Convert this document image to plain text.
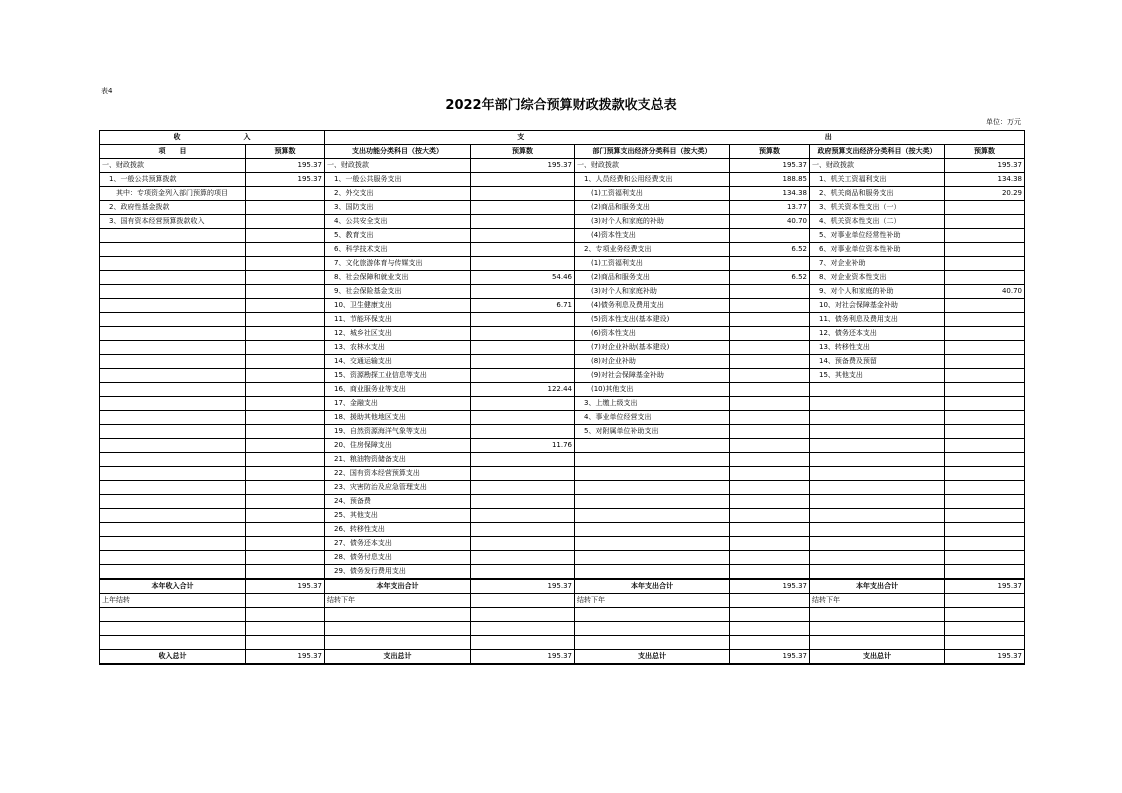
表4
2022年部门综合预算财政拨款收支总表
单位：万元
收 入		支 出					

项　　目	预算数	支出功能分类科目（按大类）	预算数	部门预算支出经济分类科目（按大类）	预算数	政府预算支出经济分类科目（按大类）	预算数
一、财政拨款	195.37	一、财政拨款	195.37	一、财政拨款	195.37	一、财政拨款	195.37
　1、一般公共预算拨款	195.37	　1、一般公共服务支出		　1、人员经费和公用经费支出	188.85	　1、机关工资福利支出	134.38
　　其中：专项资金列入部门预算的项目		　2、外交支出		　　(1)工资福利支出	134.38	　2、机关商品和服务支出	20.29
　2、政府性基金拨款		　3、国防支出		　　(2)商品和服务支出	13.77	　3、机关资本性支出（一）	
　3、国有资本经营预算拨款收入		　4、公共安全支出		　　(3)对个人和家庭的补助	40.70	　4、机关资本性支出（二）	
		　5、教育支出		　　(4)资本性支出		　5、对事业单位经常性补助	
		　6、科学技术支出		　2、专项业务经费支出	6.52	　6、对事业单位资本性补助	
		　7、文化旅游体育与传媒支出		　　(1)工资福利支出		　7、对企业补助	
		　8、社会保障和就业支出	54.46	　　(2)商品和服务支出	6.52	　8、对企业资本性支出	
		　9、社会保险基金支出		　　(3)对个人和家庭补助		　9、对个人和家庭的补助	40.70
		　10、卫生健康支出	6.71	　　(4)债务利息及费用支出		　10、对社会保障基金补助	
		　11、节能环保支出		　　(5)资本性支出(基本建设)		　11、债务利息及费用支出	
		　12、城乡社区支出		　　(6)资本性支出		　12、债务还本支出	
		　13、农林水支出		　　(7)对企业补助(基本建设)		　13、转移性支出	
		　14、交通运输支出		　　(8)对企业补助		　14、预备费及预留	
		　15、资源勘探工业信息等支出		　　(9)对社会保障基金补助		　15、其他支出	
		　16、商业服务业等支出	122.44	　　(10)其他支出			
		　17、金融支出		　3、上缴上级支出			
		　18、援助其他地区支出		　4、事业单位经营支出			
		　19、自然资源海洋气象等支出		　5、对附属单位补助支出			
		　20、住房保障支出	11.76				
		　21、粮油物资储备支出					
		　22、国有资本经营预算支出					
		　23、灾害防治及应急管理支出					
		　24、预备费					
		　25、其他支出					
		　26、转移性支出					
		　27、债务还本支出					
		　28、债务付息支出					
		　29、债务发行费用支出					
本年收入合计	195.37	本年支出合计	195.37	本年支出合计	195.37	本年支出合计	195.37
上年结转		结转下年		结转下年		结转下年	

收入总计	195.37	支出总计	195.37	支出总计	195.37	支出总计	195.37
